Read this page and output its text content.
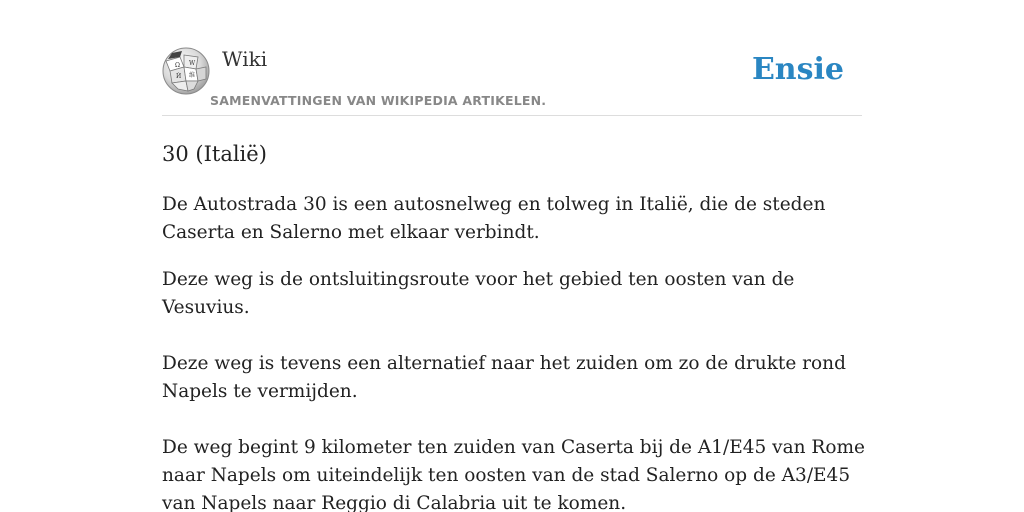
Ω W
Ѝ 维
Wiki
SAMENVATTINGEN VAN WIKIPEDIA ARTIKELEN.
Ensie
30 (Italië)

De Autostrada 30 is een autosnelweg en tolweg in Italië, die de steden Caserta en Salerno met elkaar verbindt.

Deze weg is de ontsluitingsroute voor het gebied ten oosten van de Vesuvius.

Deze weg is tevens een alternatief naar het zuiden om zo de drukte rond Napels te vermijden.

De weg begint 9 kilometer ten zuiden van Caserta bij de A1/E45 van Rome naar Napels om uiteindelijk ten oosten van de stad Salerno op de A3/E45 van Napels naar Reggio di Calabria uit te komen.
